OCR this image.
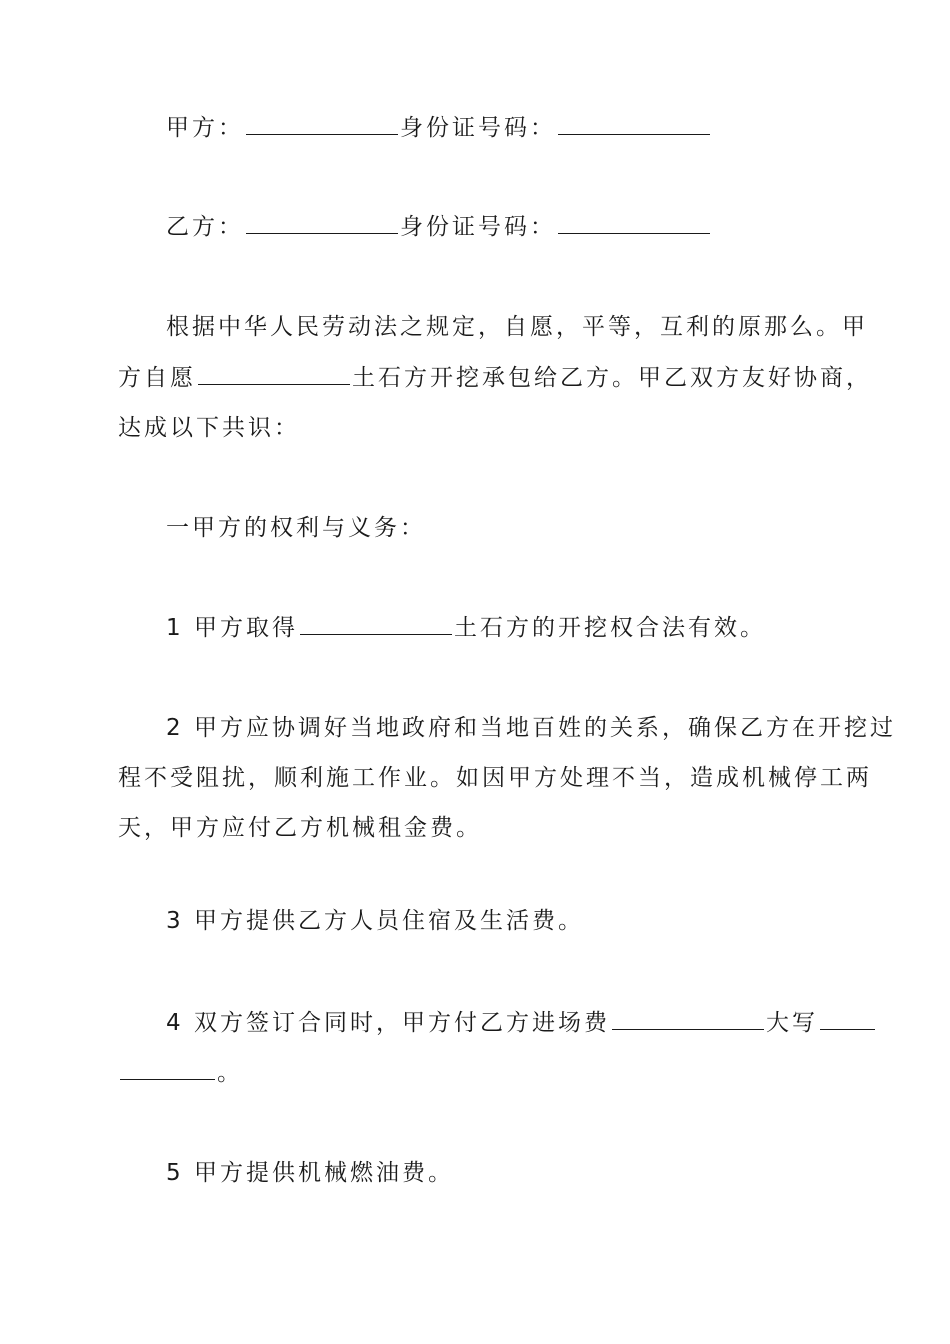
甲方：	身份证号码：
乙方：	身份证号码：
根据中华人民劳动法之规定，自愿，平等，互利的原那么。甲
方自愿	土石方开挖承包给乙方。甲乙双方友好协商，
达成以下共识：
一甲方的权利与义务：
1 甲方取得	土石方的开挖权合法有效。
2 甲方应协调好当地政府和当地百姓的关系，确保乙方在开挖过
程不受阻扰，顺利施工作业。如因甲方处理不当，造成机械停工两
天，甲方应付乙方机械租金费。
3 甲方提供乙方人员住宿及生活费。
4 双方签订合同时，甲方付乙方进场费	大写
。
5 甲方提供机械燃油费。
